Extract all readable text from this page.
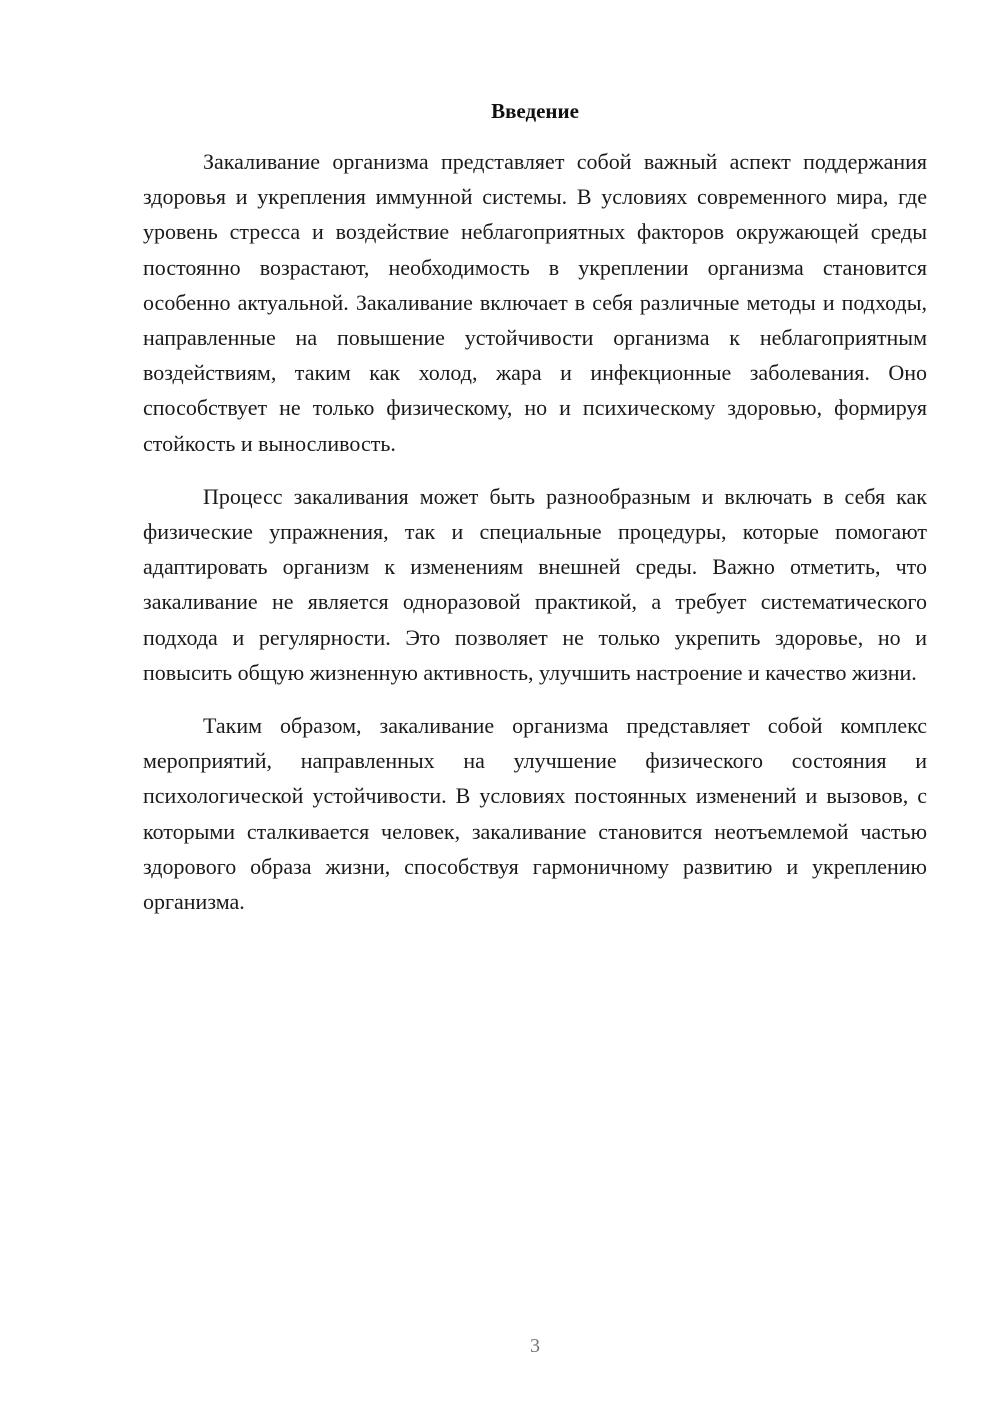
Введение

Закаливание организма представляет собой важный аспект поддержания здоровья и укрепления иммунной системы. В условиях современного мира, где уровень стресса и воздействие неблагоприятных факторов окружающей среды постоянно возрастают, необходимость в укреплении организма становится особенно актуальной. Закаливание включает в себя различные методы и подходы, направленные на повышение устойчивости организма к неблагоприятным воздействиям, таким как холод, жара и инфекционные заболевания. Оно способствует не только физическому, но и психическому здоровью, формируя стойкость и выносливость.

Процесс закаливания может быть разнообразным и включать в себя как физические упражнения, так и специальные процедуры, которые помогают адаптировать организм к изменениям внешней среды. Важно отметить, что закаливание не является одноразовой практикой, а требует систематического подхода и регулярности. Это позволяет не только укрепить здоровье, но и повысить общую жизненную активность, улучшить настроение и качество жизни.

Таким образом, закаливание организма представляет собой комплекс мероприятий, направленных на улучшение физического состояния и психологической устойчивости. В условиях постоянных изменений и вызовов, с которыми сталкивается человек, закаливание становится неотъемлемой частью здорового образа жизни, способствуя гармоничному развитию и укреплению организма.

3
